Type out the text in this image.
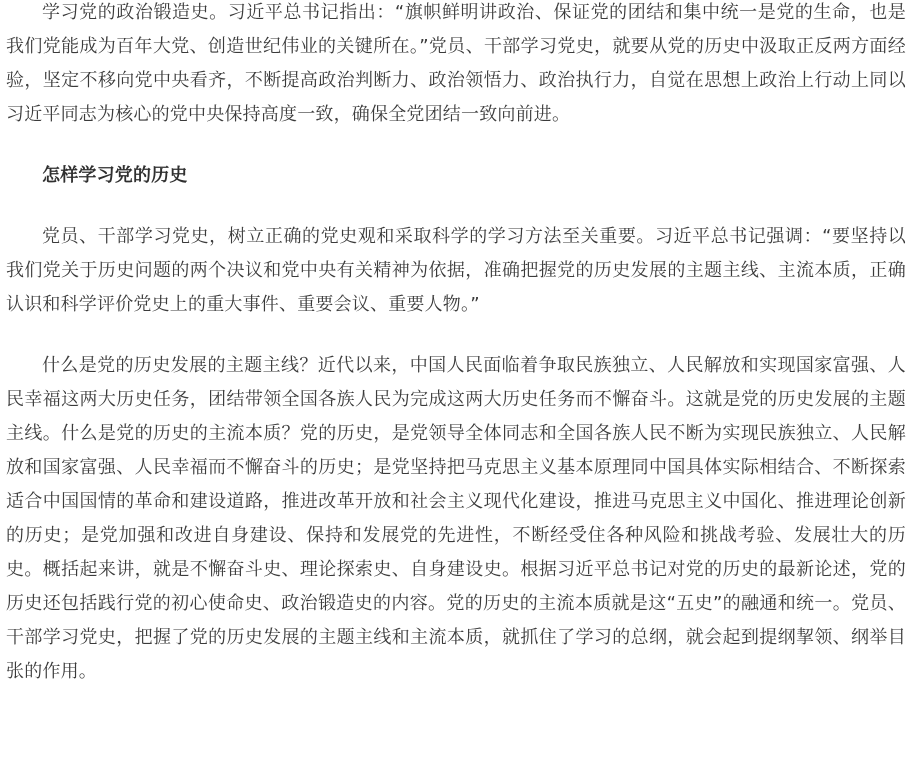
学习党的政治锻造史。习近平总书记指出：“旗帜鲜明讲政治、保证党的团结和集中统一是党的生命，也是我们党能成为百年大党、创造世纪伟业的关键所在。”党员、干部学习党史，就要从党的历史中汲取正反两方面经验，坚定不移向党中央看齐，不断提高政治判断力、政治领悟力、政治执行力，自觉在思想上政治上行动上同以习近平同志为核心的党中央保持高度一致，确保全党团结一致向前进。

怎样学习党的历史

党员、干部学习党史，树立正确的党史观和采取科学的学习方法至关重要。习近平总书记强调：“要坚持以我们党关于历史问题的两个决议和党中央有关精神为依据，准确把握党的历史发展的主题主线、主流本质，正确认识和科学评价党史上的重大事件、重要会议、重要人物。”

什么是党的历史发展的主题主线？近代以来，中国人民面临着争取民族独立、人民解放和实现国家富强、人民幸福这两大历史任务，团结带领全国各族人民为完成这两大历史任务而不懈奋斗。这就是党的历史发展的主题主线。什么是党的历史的主流本质？党的历史，是党领导全体同志和全国各族人民不断为实现民族独立、人民解放和国家富强、人民幸福而不懈奋斗的历史；是党坚持把马克思主义基本原理同中国具体实际相结合、不断探索适合中国国情的革命和建设道路，推进改革开放和社会主义现代化建设，推进马克思主义中国化、推进理论创新的历史；是党加强和改进自身建设、保持和发展党的先进性，不断经受住各种风险和挑战考验、发展壮大的历史。概括起来讲，就是不懈奋斗史、理论探索史、自身建设史。根据习近平总书记对党的历史的最新论述，党的历史还包括践行党的初心使命史、政治锻造史的内容。党的历史的主流本质就是这“五史”的融通和统一。党员、干部学习党史，把握了党的历史发展的主题主线和主流本质，就抓住了学习的总纲，就会起到提纲挈领、纲举目张的作用。
